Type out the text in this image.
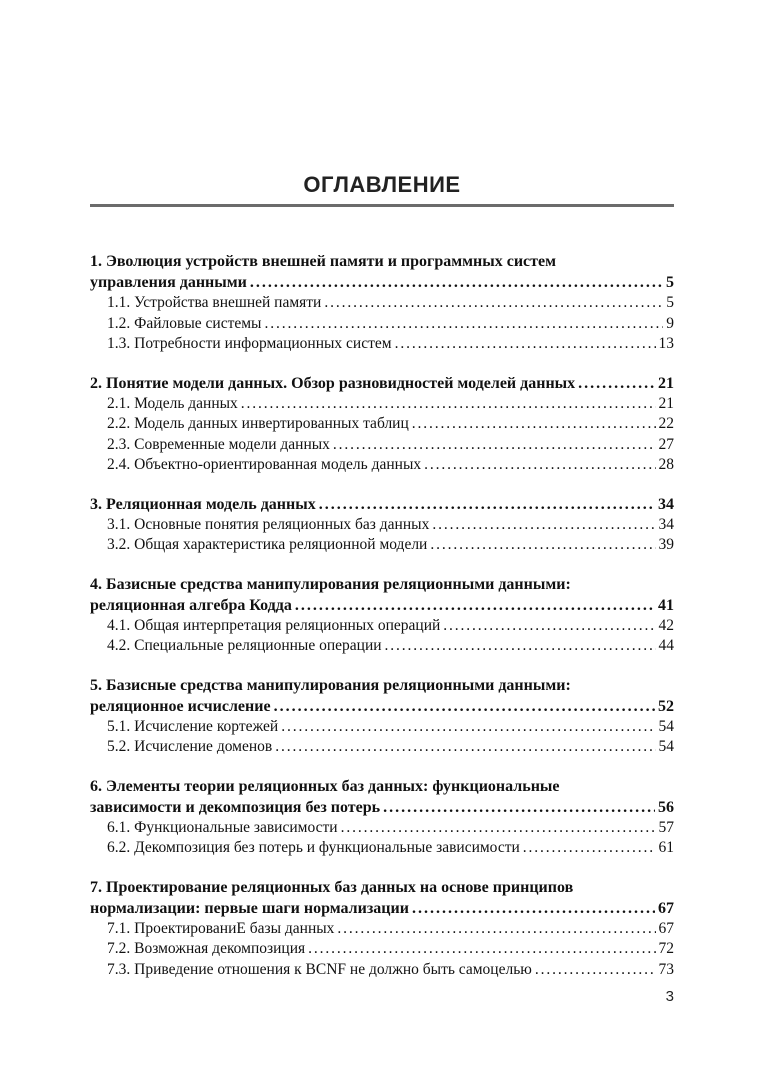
ОГЛАВЛЕНИЕ
1. Эволюция устройств внешней памяти и программных систем
управления данными . . .	5
1.1. Устройства внешней памяти . . .	5
1.2. Файловые системы . . .	9
1.3. Потребности информационных систем . . .	13
2. Понятие модели данных. Обзор разновидностей моделей данных . . .	21
2.1. Модель данных . . .	21
2.2. Модель данных инвертированных таблиц . . .	22
2.3. Современные модели данных . . .	27
2.4. Объектно-ориентированная модель данных . . .	28
3. Реляционная модель данных . . .	34
3.1. Основные понятия реляционных баз данных . . .	34
3.2. Общая характеристика реляционной модели . . .	39
4. Базисные средства манипулирования реляционными данными:
реляционная алгебра Кодда . . .	41
4.1. Общая интерпретация реляционных операций . . .	42
4.2. Специальные реляционные операции . . .	44
5. Базисные средства манипулирования реляционными данными:
реляционное исчисление . . .	52
5.1. Исчисление кортежей . . .	54
5.2. Исчисление доменов . . .	54
6. Элементы теории реляционных баз данных: функциональные
зависимости и декомпозиция без потерь . . .	56
6.1. Функциональные зависимости . . .	57
6.2. Декомпозиция без потерь и функциональные зависимости . . .	61
7. Проектирование реляционных баз данных на основе принципов
нормализации: первые шаги нормализации . . .	67
7.1. ПроектированиЕ базы данных . . .	67
7.2. Возможная декомпозиция . . .	72
7.3. Приведение отношения к BCNF не должно быть самоцелью . . .	73
3
